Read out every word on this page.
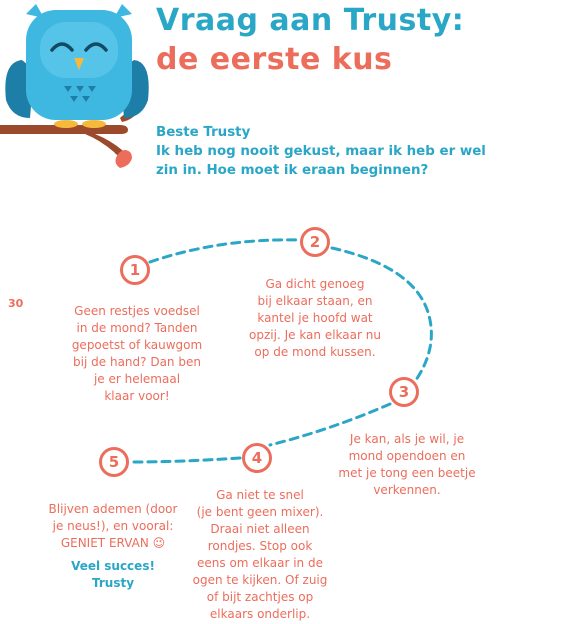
Vraag aan Trusty:
de eerste kus
Beste Trusty
Ik heb nog nooit gekust, maar ik heb er wel
zin in. Hoe moet ik eraan beginnen?
30
1
2
3
4
5
Geen restjes voedsel
in de mond? Tanden
gepoetst of kauwgom
bij de hand? Dan ben
je er helemaal
klaar voor!
Ga dicht genoeg
bij elkaar staan, en
kantel je hoofd wat
opzij. Je kan elkaar nu
op de mond kussen.
Je kan, als je wil, je
mond opendoen en
met je tong een beetje
verkennen.
Ga niet te snel
(je bent geen mixer).
Draai niet alleen
rondjes. Stop ook
eens om elkaar in de
ogen te kijken. Of zuig
of bijt zachtjes op
elkaars onderlip.
Blijven ademen (door
je neus!), en vooral:
GENIET ERVAN 😉
Veel succes!
Trusty
